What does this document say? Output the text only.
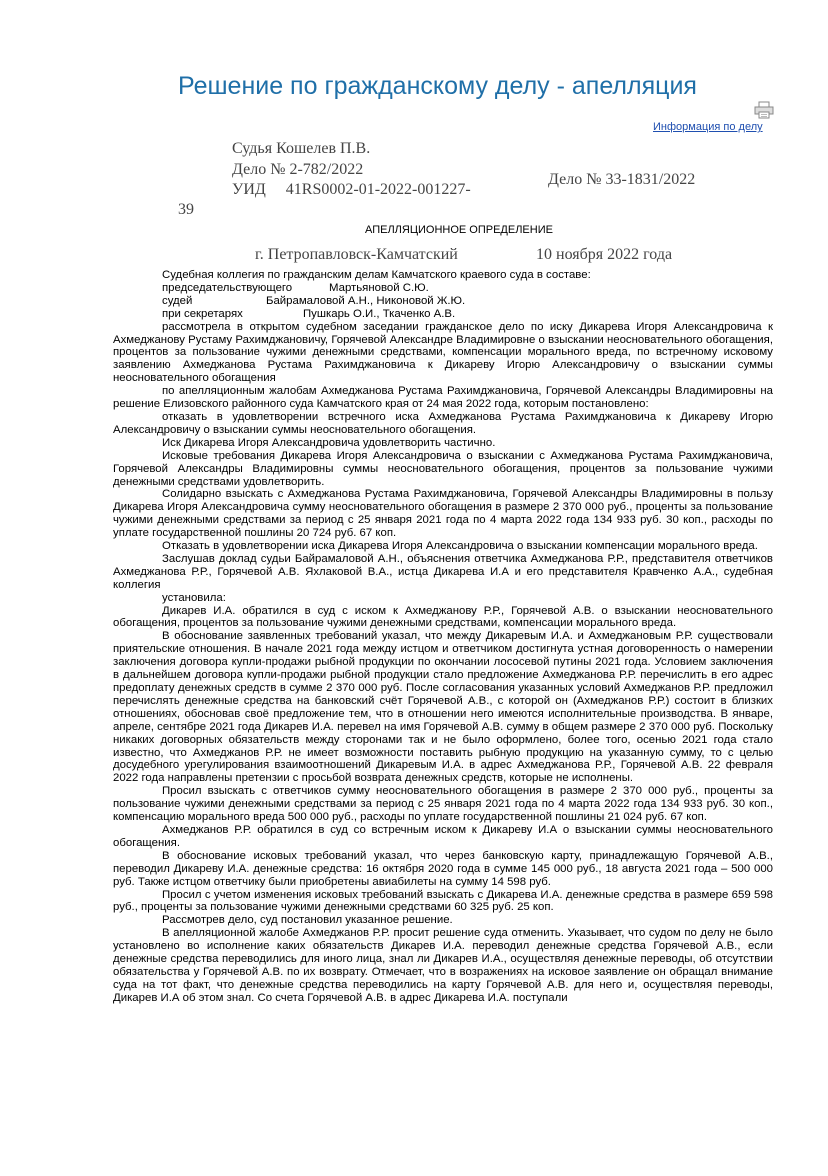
Решение по гражданскому делу - апелляция
Информация по делу
Судья Кошелев П.В.
Дело № 2-782/2022
УИД 41RS0002-01-2022-001227-
39
Дело № 33-1831/2022
АПЕЛЛЯЦИОННОЕ ОПРЕДЕЛЕНИЕ
г. Петропавловск-Камчатский	10 ноября 2022 года
Судебная коллегия по гражданским делам Камчатского краевого суда в составе:
председательствующего	Мартьяновой С.Ю.
судей	Байрамаловой А.Н., Никоновой Ж.Ю.
при секретарях	Пушкарь О.И., Ткаченко А.В.

рассмотрела в открытом судебном заседании гражданское дело по иску Дикарева Игоря Александровича к Ахмеджанову Рустаму Рахимджановичу, Горячевой Александре Владимировне о взыскании неосновательного обогащения, процентов за пользование чужими денежными средствами, компенсации морального вреда, по встречному исковому заявлению Ахмеджанова Рустама Рахимджановича к Дикареву Игорю Александровичу о взыскании суммы неосновательного обогащения

по апелляционным жалобам Ахмеджанова Рустама Рахимджановича, Горячевой Александры Владимировны на решение Елизовского районного суда Камчатского края от 24 мая 2022 года, которым постановлено:

отказать в удовлетворении встречного иска Ахмеджанова Рустама Рахимджановича к Дикареву Игорю Александровичу о взыскании суммы неосновательного обогащения.

Иск Дикарева Игоря Александровича удовлетворить частично.

Исковые требования Дикарева Игоря Александровича о взыскании с Ахмеджанова Рустама Рахимджановича, Горячевой Александры Владимировны суммы неосновательного обогащения, процентов за пользование чужими денежными средствами удовлетворить.

Солидарно взыскать с Ахмеджанова Рустама Рахимджановича, Горячевой Александры Владимировны в пользу Дикарева Игоря Александровича сумму неосновательного обогащения в размере 2 370 000 руб., проценты за пользование чужими денежными средствами за период с 25 января 2021 года по 4 марта 2022 года 134 933 руб. 30 коп., расходы по уплате государственной пошлины 20 724 руб. 67 коп.

Отказать в удовлетворении иска Дикарева Игоря Александровича о взыскании компенсации морального вреда.

Заслушав доклад судьи Байрамаловой А.Н., объяснения ответчика Ахмеджанова Р.Р., представителя ответчиков Ахмеджанова Р.Р., Горячевой А.В. Яхлаковой В.А., истца Дикарева И.А и его представителя Кравченко А.А., судебная коллегия

установила:

Дикарев И.А. обратился в суд с иском к Ахмеджанову Р.Р., Горячевой А.В. о взыскании неосновательного обогащения, процентов за пользование чужими денежными средствами, компенсации морального вреда.

В обоснование заявленных требований указал, что между Дикаревым И.А. и Ахмеджановым Р.Р. существовали приятельские отношения. В начале 2021 года между истцом и ответчиком достигнута устная договоренность о намерении заключения договора купли-продажи рыбной продукции по окончании лососевой путины 2021 года. Условием заключения в дальнейшем договора купли-продажи рыбной продукции стало предложение Ахмеджанова Р.Р. перечислить в его адрес предоплату денежных средств в сумме 2 370 000 руб. После согласования указанных условий Ахмеджанов Р.Р. предложил перечислять денежные средства на банковский счёт Горячевой А.В., с которой он (Ахмеджанов Р.Р.) состоит в близких отношениях, обосновав своё предложение тем, что в отношении него имеются исполнительные производства. В январе, апреле, сентябре 2021 года Дикарев И.А. перевел на имя Горячевой А.В. сумму в общем размере 2 370 000 руб. Поскольку никаких договорных обязательств между сторонами так и не было оформлено, более того, осенью 2021 года стало известно, что Ахмеджанов Р.Р. не имеет возможности поставить рыбную продукцию на указанную сумму, то с целью досудебного урегулирования взаимоотношений Дикаревым И.А. в адрес Ахмеджанова Р.Р., Горячевой А.В. 22 февраля 2022 года направлены претензии с просьбой возврата денежных средств, которые не исполнены.

Просил взыскать с ответчиков сумму неосновательного обогащения в размере 2 370 000 руб., проценты за пользование чужими денежными средствами за период с 25 января 2021 года по 4 марта 2022 года 134 933 руб. 30 коп., компенсацию морального вреда 500 000 руб., расходы по уплате государственной пошлины 21 024 руб. 67 коп.

Ахмеджанов Р.Р. обратился в суд со встречным иском к Дикареву И.А о взыскании суммы неосновательного обогащения.

В обоснование исковых требований указал, что через банковскую карту, принадлежащую Горячевой А.В., переводил Дикареву И.А. денежные средства: 16 октября 2020 года в сумме 145 000 руб., 18 августа 2021 года – 500 000 руб. Также истцом ответчику были приобретены авиабилеты на сумму 14 598 руб.

Просил с учетом изменения исковых требований взыскать с Дикарева И.А. денежные средства в размере 659 598 руб., проценты за пользование чужими денежными средствами 60 325 руб. 25 коп.

Рассмотрев дело, суд постановил указанное решение.

В апелляционной жалобе Ахмеджанов Р.Р. просит решение суда отменить. Указывает, что судом по делу не было установлено во исполнение каких обязательств Дикарев И.А. переводил денежные средства Горячевой А.В., если денежные средства переводились для иного лица, знал ли Дикарев И.А., осуществляя денежные переводы, об отсутствии обязательства у Горячевой А.В. по их возврату. Отмечает, что в возражениях на исковое заявление он обращал внимание суда на тот факт, что денежные средства переводились на карту Горячевой А.В. для него и, осуществляя переводы, Дикарев И.А об этом знал. Со счета Горячевой А.В. в адрес Дикарева И.А. поступали
